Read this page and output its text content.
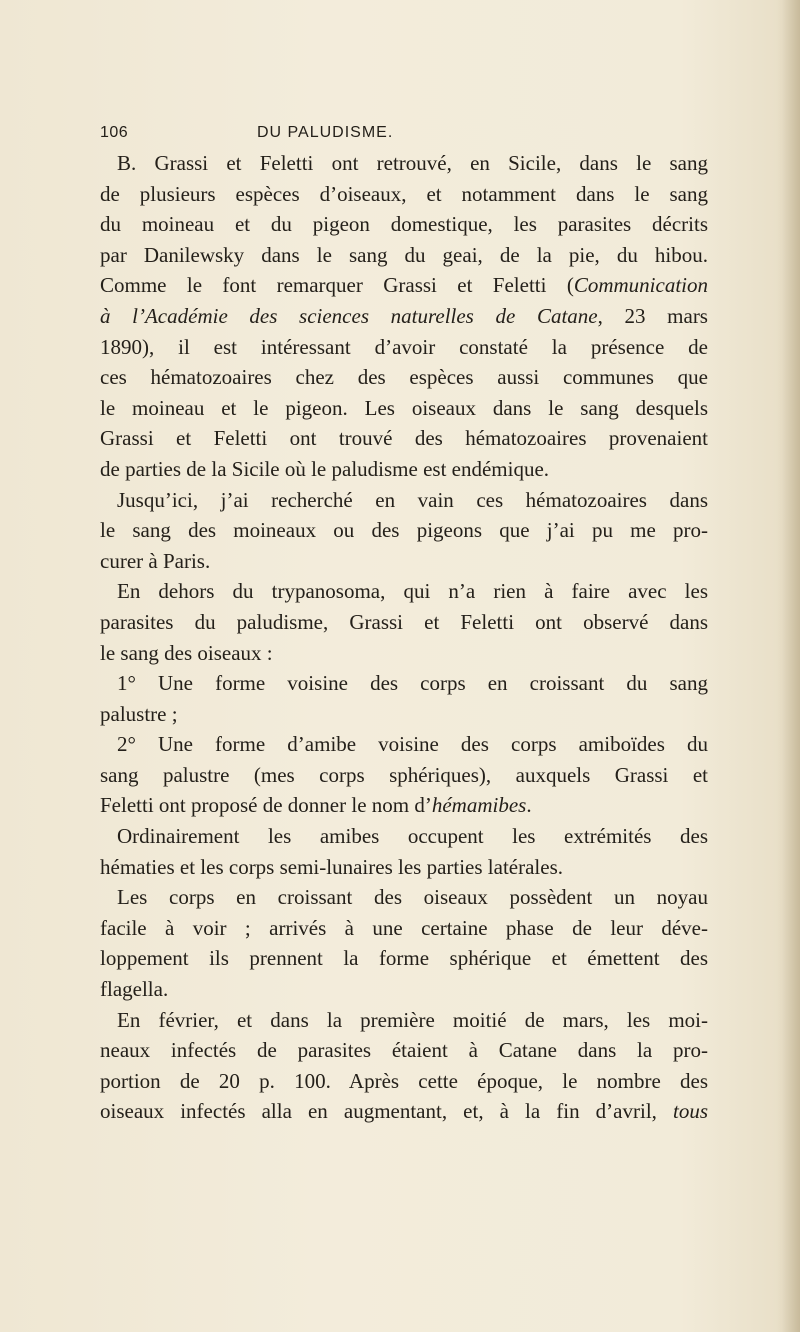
106	DU PALUDISME.
B. Grassi et Feletti ont retrouvé, en Sicile, dans le sang
de plusieurs espèces d’oiseaux, et notamment dans le sang
du moineau et du pigeon domestique, les parasites décrits
par Danilewsky dans le sang du geai, de la pie, du hibou.
Comme le font remarquer Grassi et Feletti (Communication
à l’Académie des sciences naturelles de Catane, 23 mars
1890), il est intéressant d’avoir constaté la présence de
ces hématozoaires chez des espèces aussi communes que
le moineau et le pigeon. Les oiseaux dans le sang desquels
Grassi et Feletti ont trouvé des hématozoaires provenaient
de parties de la Sicile où le paludisme est endémique.
Jusqu’ici, j’ai recherché en vain ces hématozoaires dans
le sang des moineaux ou des pigeons que j’ai pu me pro-
curer à Paris.
En dehors du trypanosoma, qui n’a rien à faire avec les
parasites du paludisme, Grassi et Feletti ont observé dans
le sang des oiseaux :
1° Une forme voisine des corps en croissant du sang
palustre ;
2° Une forme d’amibe voisine des corps amiboïdes du
sang palustre (mes corps sphériques), auxquels Grassi et
Feletti ont proposé de donner le nom d’hémamibes.
Ordinairement les amibes occupent les extrémités des
hématies et les corps semi-lunaires les parties latérales.
Les corps en croissant des oiseaux possèdent un noyau
facile à voir ; arrivés à une certaine phase de leur déve-
loppement ils prennent la forme sphérique et émettent des
flagella.
En février, et dans la première moitié de mars, les moi-
neaux infectés de parasites étaient à Catane dans la pro-
portion de 20 p. 100. Après cette époque, le nombre des
oiseaux infectés alla en augmentant, et, à la fin d’avril, tous
